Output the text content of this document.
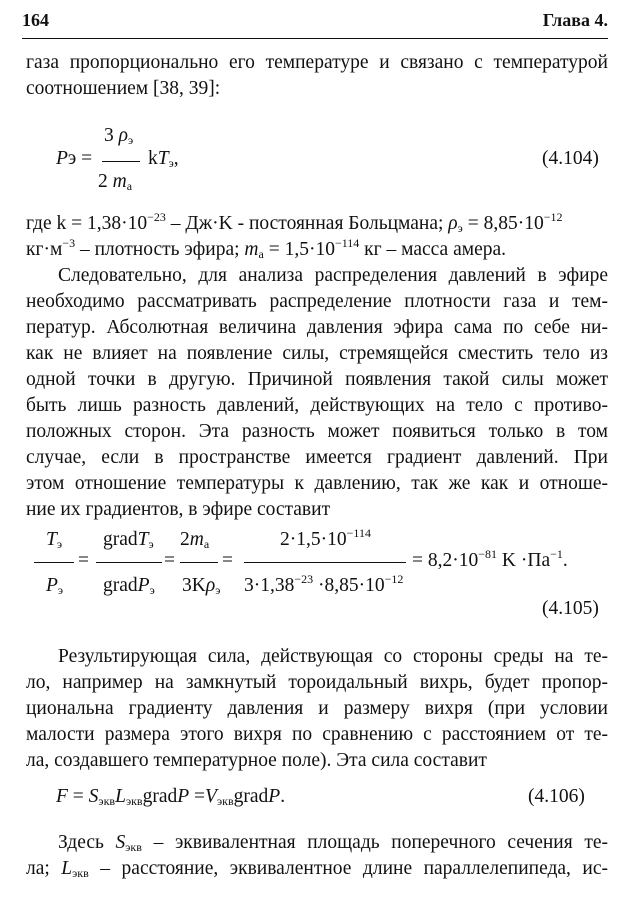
164	Глава 4.
газа пропорционально его температуре и связано с температурой
соотношением [38, 39]:
3 $\rho_э$
Pэ =	$kT_э$,
2 $m_а$
(4.104)
где $k = 1,38\cdot 10^{-23} - Дж\cdot K$ - постоянная Больцмана; $\rho_э = 8,85\cdot 10^{-12}$
$кг\cdot м^{-3}$ – плотность эфира; $m_а = 1,5\cdot 10^{-114}$ кг – масса амера.
Следовательно, для анализа распределения давлений в эфире
необходимо рассматривать распределение плотности газа и тем-
ператур. Абсолютная величина давления эфира сама по себе ни-
как не влияет на появление силы, стремящейся сместить тело из
одной точки в другую. Причиной появления такой силы может
быть лишь разность давлений, действующих на тело с противо-
положных сторон. Эта разность может появиться только в том
случае, если в пространстве имеется градиент давлений. При
этом отношение температуры к давлению, так же как и отноше-
ние их градиентов, в эфире составит
$T_э$ gradT$_э$ $2m_а$	$2\cdot 1,5\cdot 10^{-114}$
=	= =	= $8,2\cdot 10^{-81}$ $K \cdot Па^{-1}$.
$P_э$ gradP$_э$ $3K\rho_э$ $3\cdot 1,38^{-23} \cdot 8,85\cdot 10^{-12}$
(4.105)
Результирующая сила, действующая со стороны среды на те-
ло, например на замкнутый тороидальный вихрь, будет пропор-
циональна градиенту давления и размеру вихря (при условии
малости размера этого вихря по сравнению с расстоянием от те-
ла, создавшего температурное поле). Эта сила составит
$F = S_{экв}L_{экв}gradP$ $=V_{экв}gradP$.	(4.106)
Здесь $S_{экв}$ – эквивалентная площадь поперечного сечения те-
ла; $L_{экв}$ – расстояние, эквивалентное длине параллелепипеда, ис-
